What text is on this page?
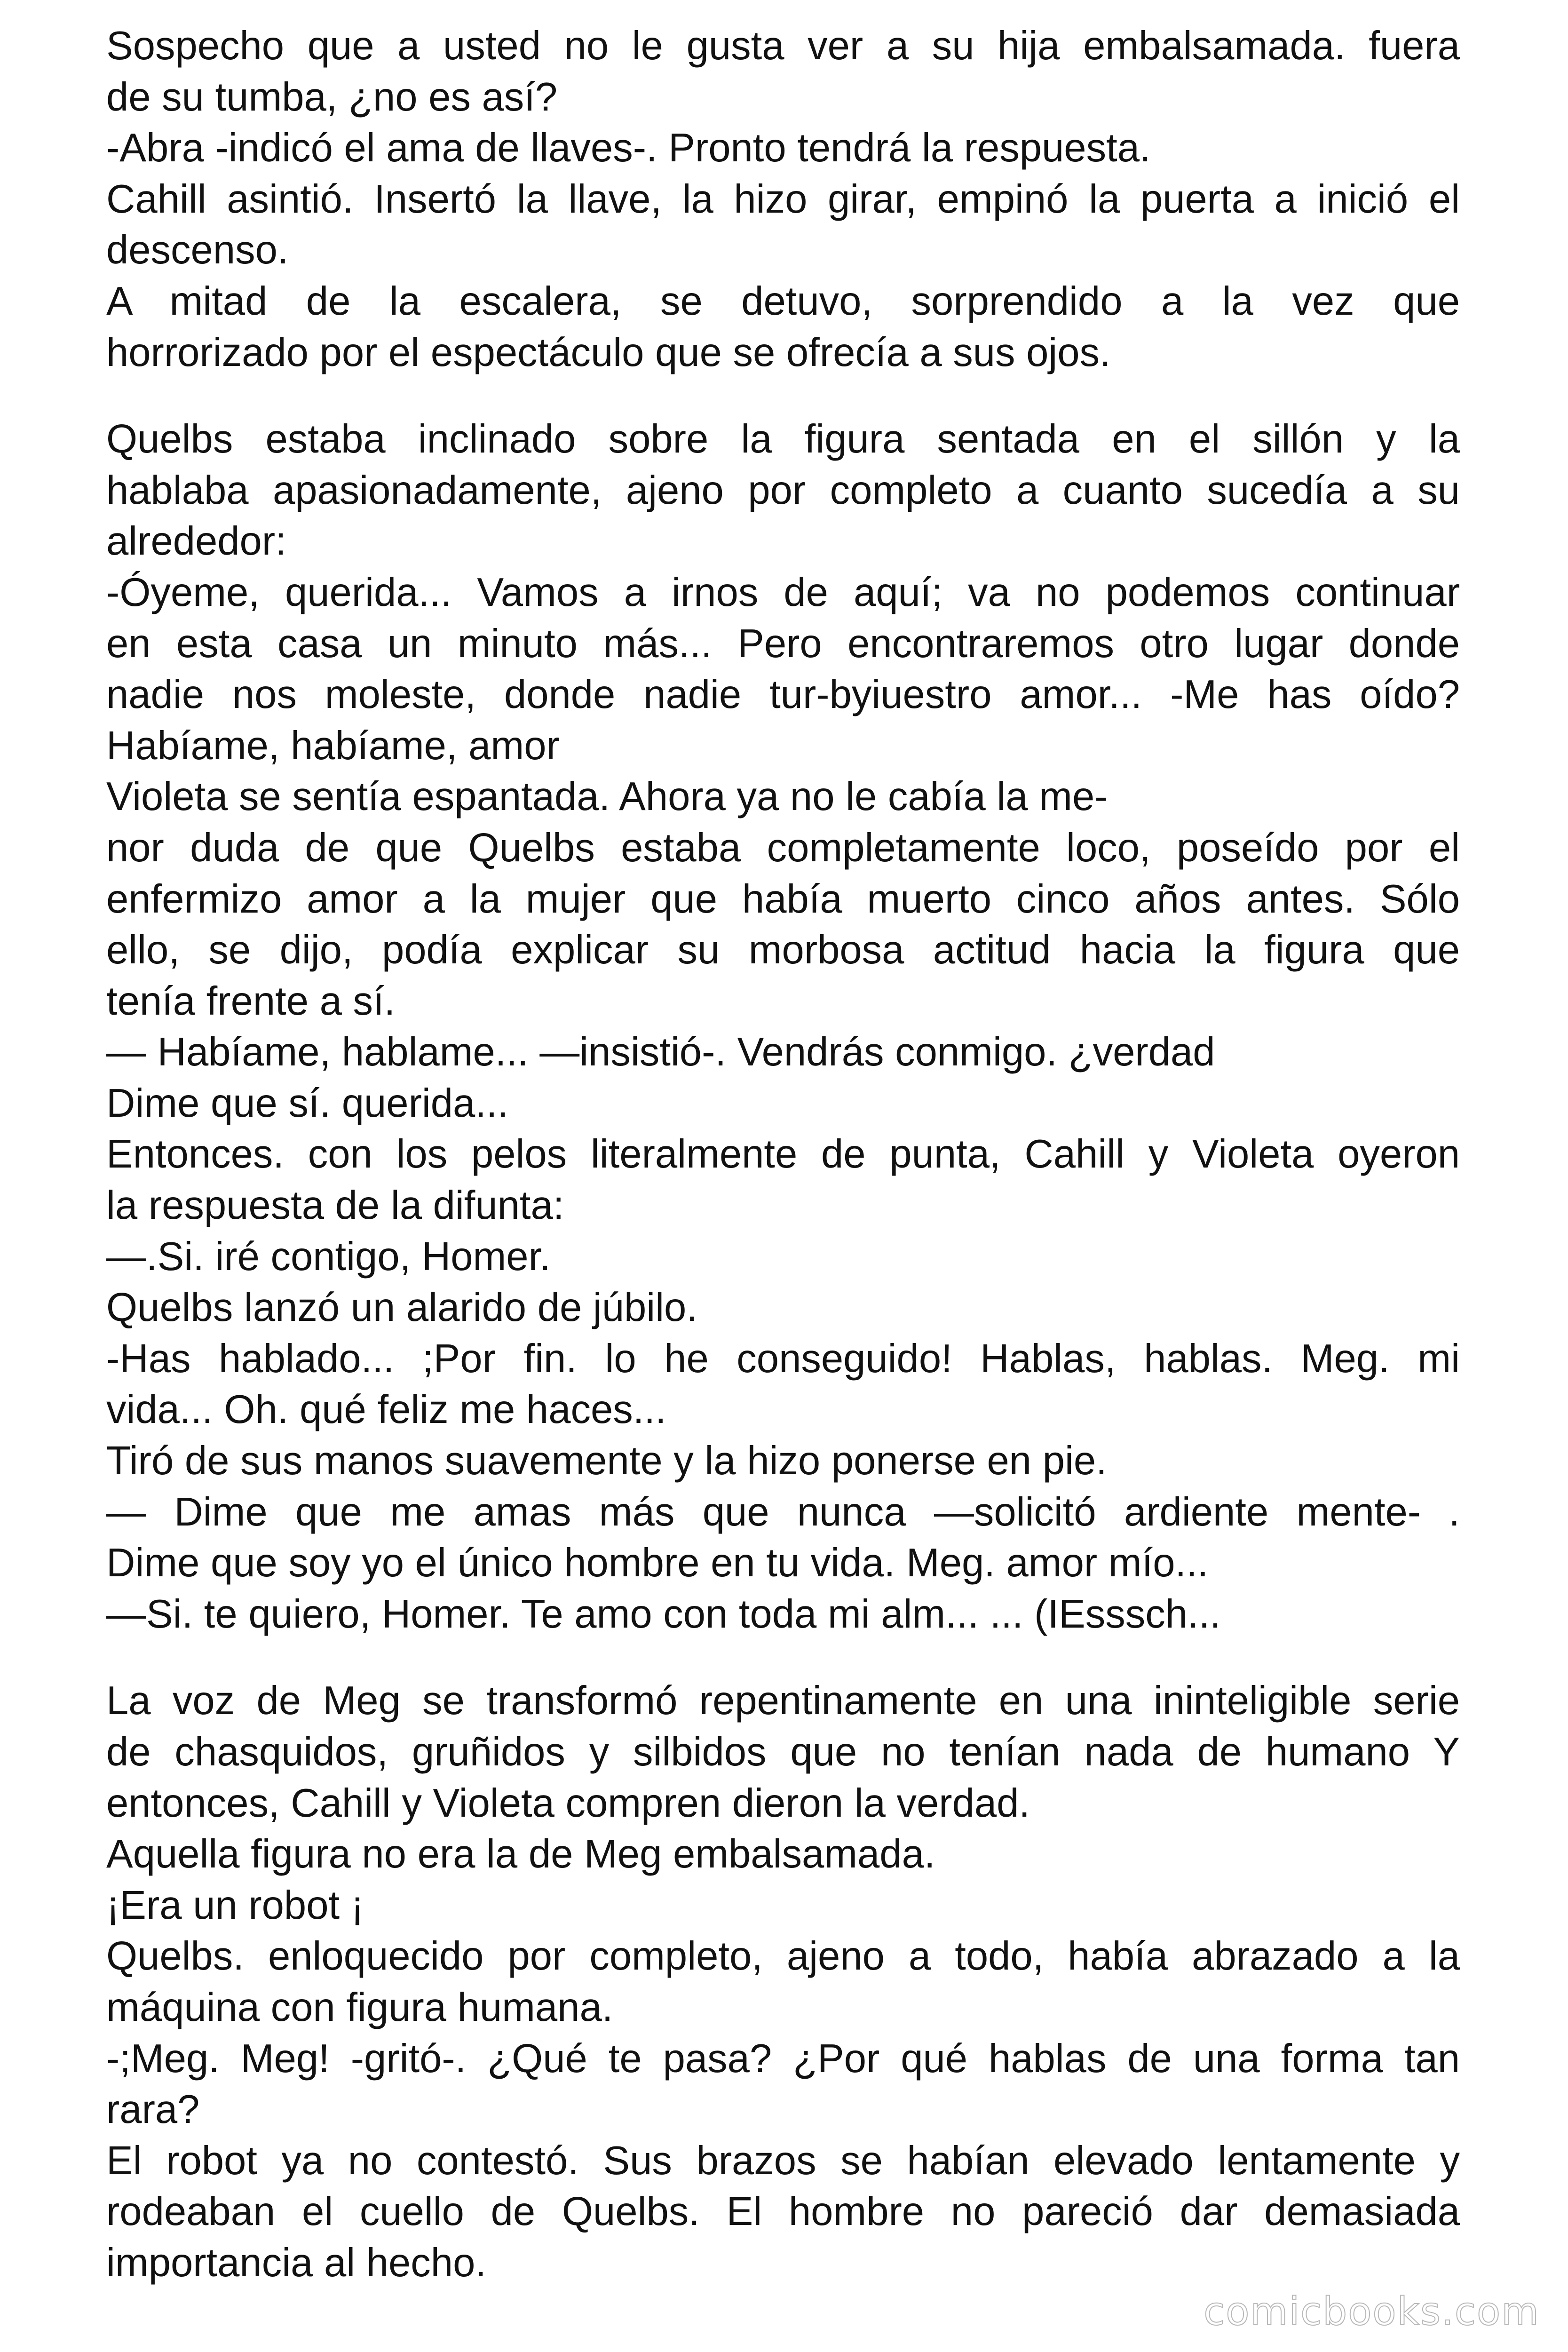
Sospecho que a usted no le gusta ver a su hija embalsamada. fuera
de su tumba, ¿no es así?
-Abra -indicó el ama de llaves-. Pronto tendrá la respuesta.
Cahill asintió. Insertó la llave, la hizo girar, empinó la puerta a inició el
descenso.
A mitad de la escalera, se detuvo, sorprendido a la vez que
horrorizado por el espectáculo que se ofrecía a sus ojos.
Quelbs estaba inclinado sobre la figura sentada en el sillón y la
hablaba apasionadamente, ajeno por completo a cuanto sucedía a su
alrededor:
-Óyeme, querida... Vamos a irnos de aquí; va no podemos continuar
en esta casa un minuto más... Pero encontraremos otro lugar donde
nadie nos moleste, donde nadie tur-byiuestro amor... -Me has oído?
Habíame, habíame, amor
Violeta se sentía espantada. Ahora ya no le cabía la me-
nor duda de que Quelbs estaba completamente loco, poseído por el
enfermizo amor a la mujer que había muerto cinco años antes. Sólo
ello, se dijo, podía explicar su morbosa actitud hacia la figura que
tenía frente a sí.
— Habíame, hablame... —insistió-. Vendrás conmigo. ¿verdad
Dime que sí. querida...
Entonces. con los pelos literalmente de punta, Cahill y Violeta oyeron
la respuesta de la difunta:
—.Si. iré contigo, Homer.
Quelbs lanzó un alarido de júbilo.
-Has hablado... ;Por fin. lo he conseguido! Hablas, hablas. Meg. mi
vida... Oh. qué feliz me haces...
Tiró de sus manos suavemente y la hizo ponerse en pie.
— Dime que me amas más que nunca —solicitó ardiente mente- .
Dime que soy yo el único hombre en tu vida. Meg. amor mío...
—Si. te quiero, Homer. Te amo con toda mi alm... ... (IEsssch...
La voz de Meg se transformó repentinamente en una ininteligible serie
de chasquidos, gruñidos y silbidos que no tenían nada de humano Y
entonces, Cahill y Violeta compren dieron la verdad.
Aquella figura no era la de Meg embalsamada.
¡Era un robot ¡
Quelbs. enloquecido por completo, ajeno a todo, había abrazado a la
máquina con figura humana.
-;Meg. Meg! -gritó-. ¿Qué te pasa? ¿Por qué hablas de una forma tan
rara?
El robot ya no contestó. Sus brazos se habían elevado lentamente y
rodeaban el cuello de Quelbs. El hombre no pareció dar demasiada
importancia al hecho.
comicbooks.com
